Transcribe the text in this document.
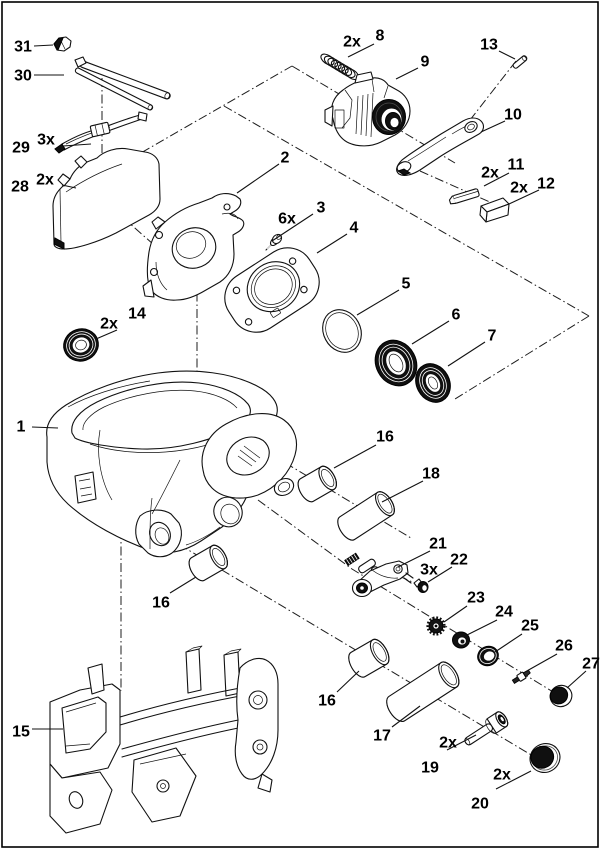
1
2
3
6x
4
5
6
7
8
2x
9
10
11
2x
12
2x
13
14
2x
15
16
16
16
17
18
19
2x
20
2x
21
22
3x
23
24
25
26
27
28 2x
29 3x
30
31
